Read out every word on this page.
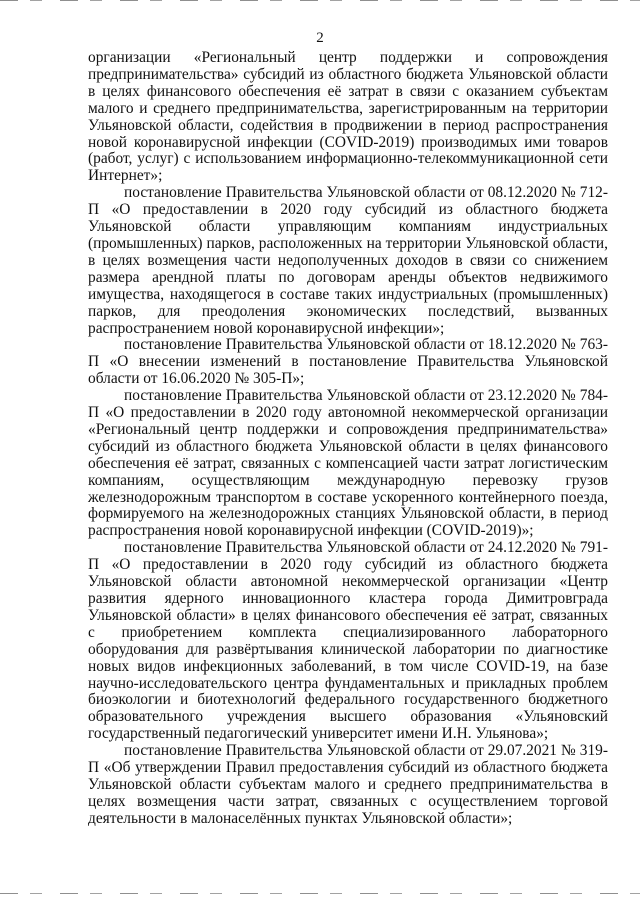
2

организации «Региональный центр поддержки и сопровождения предпринимательства» субсидий из областного бюджета Ульяновской области в целях финансового обеспечения её затрат в связи с оказанием субъектам малого и среднего предпринимательства, зарегистрированным на территории Ульяновской области, содействия в продвижении в период распространения новой коронавирусной инфекции (COVID-2019) производимых ими товаров (работ, услуг) с использованием информационно-телекоммуникационной сети Интернет»;

постановление Правительства Ульяновской области от 08.12.2020 № 712-П «О предоставлении в 2020 году субсидий из областного бюджета Ульяновской области управляющим компаниям индустриальных (промышленных) парков, расположенных на территории Ульяновской области, в целях возмещения части недополученных доходов в связи со снижением размера арендной платы по договорам аренды объектов недвижимого имущества, находящегося в составе таких индустриальных (промышленных) парков, для преодоления экономических последствий, вызванных распространением новой коронавирусной инфекции»;

постановление Правительства Ульяновской области от 18.12.2020 № 763-П «О внесении изменений в постановление Правительства Ульяновской области от 16.06.2020 № 305-П»;

постановление Правительства Ульяновской области от 23.12.2020 № 784-П «О предоставлении в 2020 году автономной некоммерческой организации «Региональный центр поддержки и сопровождения предпринимательства» субсидий из областного бюджета Ульяновской области в целях финансового обеспечения её затрат, связанных с компенсацией части затрат логистическим компаниям, осуществляющим международную перевозку грузов железнодорожным транспортом в составе ускоренного контейнерного поезда, формируемого на железнодорожных станциях Ульяновской области, в период распространения новой коронавирусной инфекции (COVID-2019)»;

постановление Правительства Ульяновской области от 24.12.2020 № 791-П «О предоставлении в 2020 году субсидий из областного бюджета Ульяновской области автономной некоммерческой организации «Центр развития ядерного инновационного кластера города Димитровграда Ульяновской области» в целях финансового обеспечения её затрат, связанных с приобретением комплекта специализированного лабораторного оборудования для развёртывания клинической лаборатории по диагностике новых видов инфекционных заболеваний, в том числе COVID-19, на базе научно-исследовательского центра фундаментальных и прикладных проблем биоэкологии и биотехнологий федерального государственного бюджетного образовательного учреждения высшего образования «Ульяновский государственный педагогический университет имени И.Н. Ульянова»;

постановление Правительства Ульяновской области от 29.07.2021 № 319-П «Об утверждении Правил предоставления субсидий из областного бюджета Ульяновской области субъектам малого и среднего предпринимательства в целях возмещения части затрат, связанных с осуществлением торговой деятельности в малонаселённых пунктах Ульяновской области»;
